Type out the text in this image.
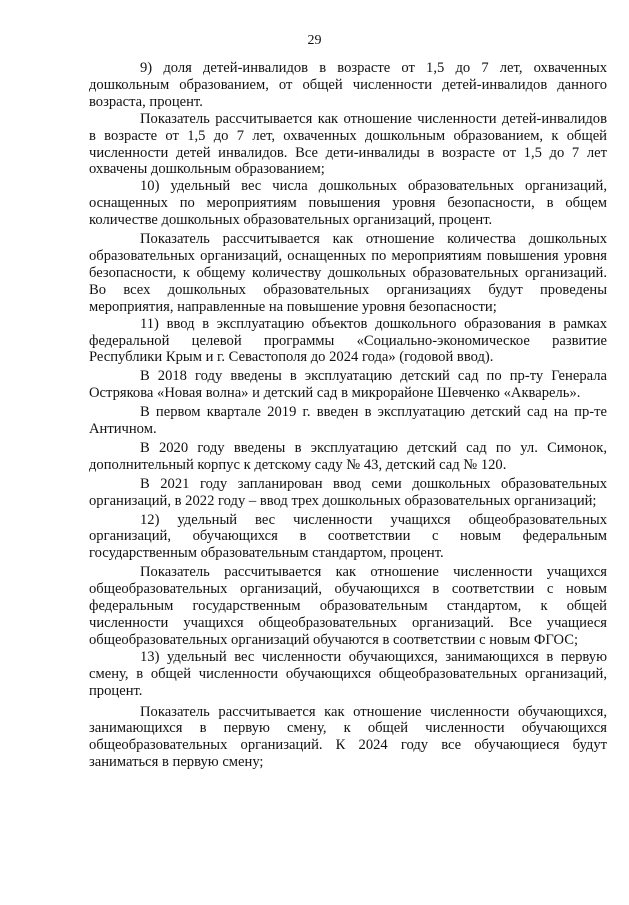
29

9) доля детей-инвалидов в возрасте от 1,5 до 7 лет, охваченных дошкольным образованием, от общей численности детей-инвалидов данного возраста, процент.

Показатель рассчитывается как отношение численности детей-инвалидов в возрасте от 1,5 до 7 лет, охваченных дошкольным образованием, к общей численности детей инвалидов. Все дети-инвалиды в возрасте от 1,5 до 7 лет охвачены дошкольным образованием;

10) удельный вес числа дошкольных образовательных организаций, оснащенных по мероприятиям повышения уровня безопасности, в общем количестве дошкольных образовательных организаций, процент.

Показатель рассчитывается как отношение количества дошкольных образовательных организаций, оснащенных по мероприятиям повышения уровня безопасности, к общему количеству дошкольных образовательных организаций. Во всех дошкольных образовательных организациях будут проведены мероприятия, направленные на повышение уровня безопасности;

11) ввод в эксплуатацию объектов дошкольного образования в рамках федеральной целевой программы «Социально-экономическое развитие Республики Крым и г. Севастополя до 2024 года» (годовой ввод).

В 2018 году введены в эксплуатацию детский сад по пр-ту Генерала Острякова «Новая волна» и детский сад в микрорайоне Шевченко «Акварель».

В первом квартале 2019 г. введен в эксплуатацию детский сад на пр-те Античном.

В 2020 году введены в эксплуатацию детский сад по ул. Симонок, дополнительный корпус к детскому саду № 43, детский сад № 120.

В 2021 году запланирован ввод семи дошкольных образовательных организаций, в 2022 году – ввод трех дошкольных образовательных организаций;

12) удельный вес численности учащихся общеобразовательных организаций, обучающихся в соответствии с новым федеральным государственным образовательным стандартом, процент.

Показатель рассчитывается как отношение численности учащихся общеобразовательных организаций, обучающихся в соответствии с новым федеральным государственным образовательным стандартом, к общей численности учащихся общеобразовательных организаций. Все учащиеся общеобразовательных организаций обучаются в соответствии с новым ФГОС;

13) удельный вес численности обучающихся, занимающихся в первую смену, в общей численности обучающихся общеобразовательных организаций, процент.

Показатель рассчитывается как отношение численности обучающихся, занимающихся в первую смену, к общей численности обучающихся общеобразовательных организаций. К 2024 году все обучающиеся будут заниматься в первую смену;
